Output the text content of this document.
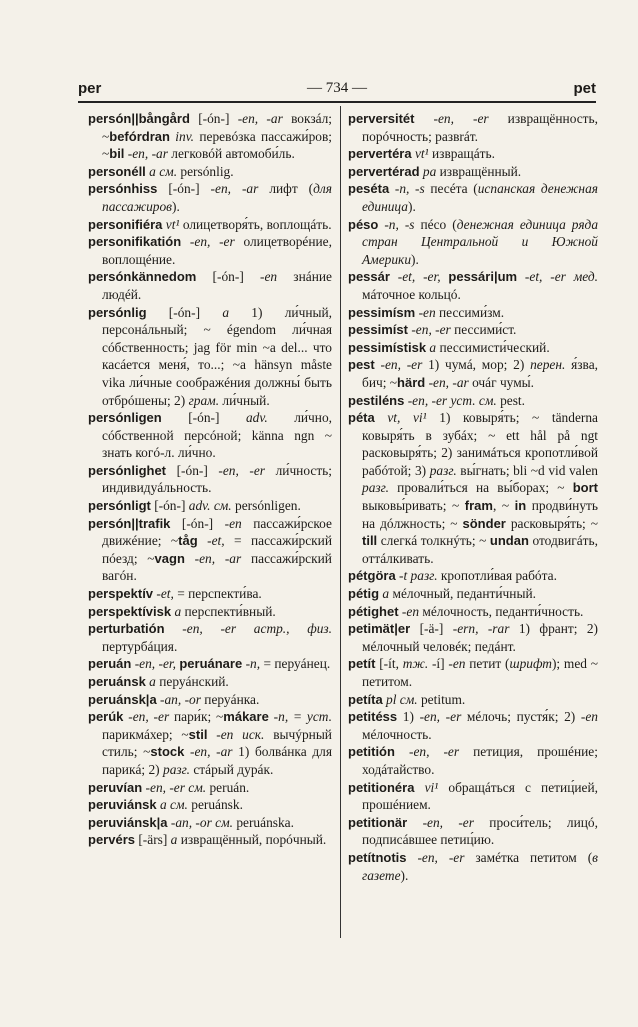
per	— 734 —	pet

persón||bångård [-ón-] -en, -ar вокзáл; ~befórdran inv. перевóзка пассажи́ров; ~bil -en, -ar легковóй автомоби́ль.

personéll а см. persónlig.

persónhiss [-ón-] -en, -ar лифт (для пассажиров).

personifiéra vt¹ олицетворя́ть, воплощáть.

personifikatión -en, -er олицетворéние, воплощéние.

persónkännedom [-ón-] -en знáние людéй.

persónlig [-ón-] a 1) ли́чный, персонáльный; ~ égendom ли́чная сóбственность; jag för min ~a del... что касáется меня́, то...; ~a hänsyn måste vika ли́чные соображéния должны́ быть отбрóшены; 2) грам. ли́чный.

persónligen [-ón-] adv. ли́чно, сóбственной персóной; känna ngn ~ знать когó-л. ли́чно.

persónlighet [-ón-] -en, -er ли́чность; индивидуáльность.

persónligt [-ón-] adv. см. persónligen.

persón||trafik [-ón-] -en пассажи́рское движéние; ~tåg -et, = пассажи́рский пóезд; ~vagn -en, -ar пассажи́рский вагóн.

perspektív -et, = перспекти́ва.

perspektívisk a перспекти́вный.

perturbatión -en, -er астр., физ. пертурбáция.

peruán -en, -er, peruánare -n, = перуáнец.

peruánsk a перуáнский.

peruánsk|a -an, -or перуáнка.

perúk -en, -er пари́к; ~mákare -n, = уст. парикмáхер; ~stil -en иск. вычýрный стиль; ~stock -en, -ar 1) болвáнка для парикá; 2) разг. стáрый дурáк.

peruvían -en, -er см. peruán.

peruviánsk а см. peruánsk.

peruviánsk|a -an, -or см. peruánska.

pervérs [-ärs] a извращённый, порóчный.

perversitét -en, -er извращённость, порóчность; развráт.

pervertéra vt¹ извращáть.

pervertérad pa извращённый.

peséta -n, -s песéта (испанская денежная единица).

péso -n, -s пéсо (денежная единица ряда стран Центральной и Южной Америки).

pessár -et, -er, pessári|um -et, -er мед. мáточное кольцó.

pessimísm -en пессими́зм.

pessimíst -en, -er пессими́ст.

pessimístisk a пессимисти́ческий.

pest -en, -er 1) чумá, мор; 2) перен. я́зва, бич; ~härd -en, -ar очáг чумы́.

pestiléns -en, -er уст. см. pest.

péta vt, vi¹ 1) ковыря́ть; ~ tänderna ковыря́ть в зубáх; ~ ett hål på ngt расковыря́ть; 2) занимáться кропотли́вой рабóтой; 3) разг. вы́гнать; bli ~d vid valen разг. провали́ться на вы́борах; ~ bort выковы́ривать; ~ fram, ~ in продви́нуть на дóлжность; ~ sönder расковыря́ть; ~ till слегкá толкнýть; ~ undan отодвигáть, оттáлкивать.

pétgöra -t разг. кропотли́вая рабóта.

pétig a мéлочный, педанти́чный.

pétighet -en мéлочность, педанти́чность.

petimät|er [-ä-] -ern, -rar 1) франт; 2) мéлочный человéк; педáнт.

petít [-ít, тж. -í] -en петит (шрифт); med ~ петитом.

petíta pl см. petitum.

petitéss 1) -en, -er мéлочь; пустя́к; 2) -en мéлочность.

petitión -en, -er петиция, прошéние; ходáтайство.

petitionéra vi¹ обращáться с петиц́ией, прошéнием.

petitionär -en, -er проси́тель; лицó, подписáвшее петиц́ию.

petítnotis -en, -er замéтка петитом (в газете).
